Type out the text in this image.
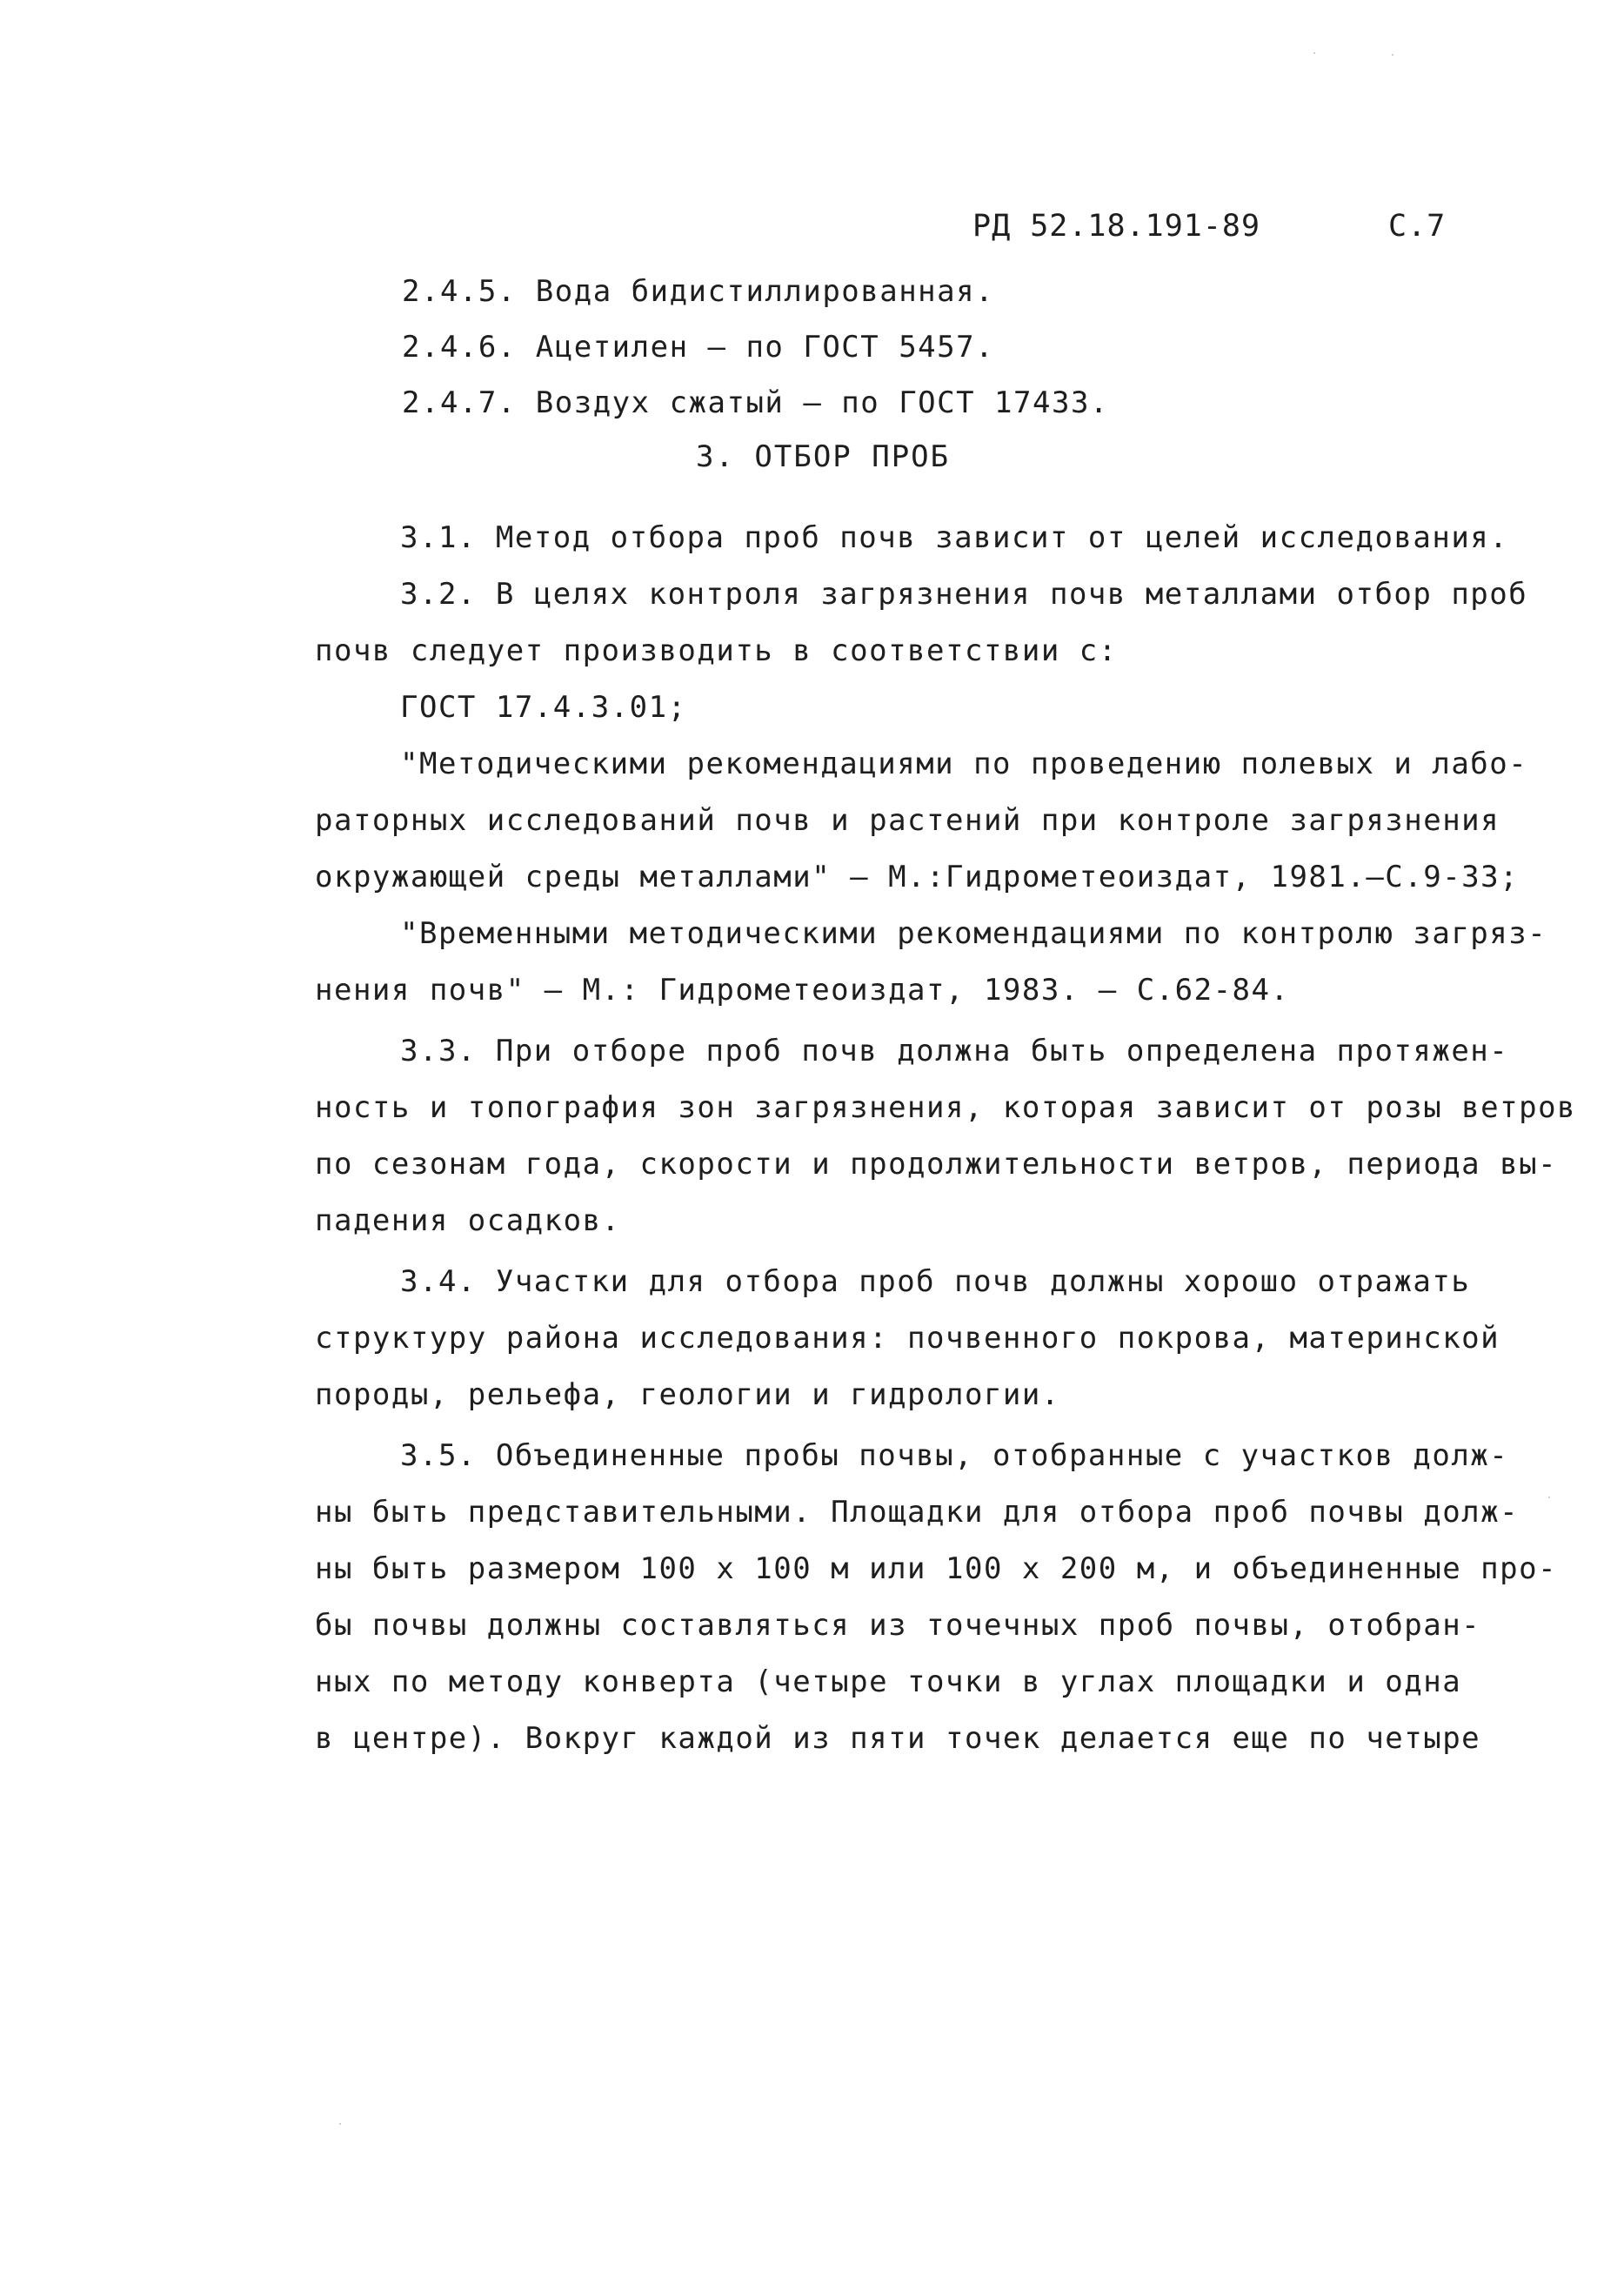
РД 52.18.191-89	С.7
2.4.5. Вода бидистиллированная.
2.4.6. Ацетилен – по ГОСТ 5457.
2.4.7. Воздух сжатый – по ГОСТ 17433.
3. ОТБОР ПРОБ
3.1. Метод отбора проб почв зависит от целей исследования.
3.2. В целях контроля загрязнения почв металлами отбор проб
почв следует производить в соответствии с:
ГОСТ 17.4.3.01;
"Методическими рекомендациями по проведению полевых и лабо-
раторных исследований почв и растений при контроле загрязнения
окружающей среды металлами" – М.:Гидрометеоиздат, 1981.–С.9-33;
"Временными методическими рекомендациями по контролю загряз-
нения почв" – М.: Гидрометеоиздат, 1983. – С.62-84.
3.3. При отборе проб почв должна быть определена протяжен-
ность и топография зон загрязнения, которая зависит от розы ветров
по сезонам года, скорости и продолжительности ветров, периода вы-
падения осадков.
3.4. Участки для отбора проб почв должны хорошо отражать
структуру района исследования: почвенного покрова, материнской
породы, рельефа, геологии и гидрологии.
3.5. Объединенные пробы почвы, отобранные с участков долж-
ны быть представительными. Площадки для отбора проб почвы долж-
ны быть размером 100 х 100 м или 100 х 200 м, и объединенные про-
бы почвы должны составляться из точечных проб почвы, отобран-
ных по методу конверта (четыре точки в углах площадки и одна
в центре). Вокруг каждой из пяти точек делается еще по четыре
